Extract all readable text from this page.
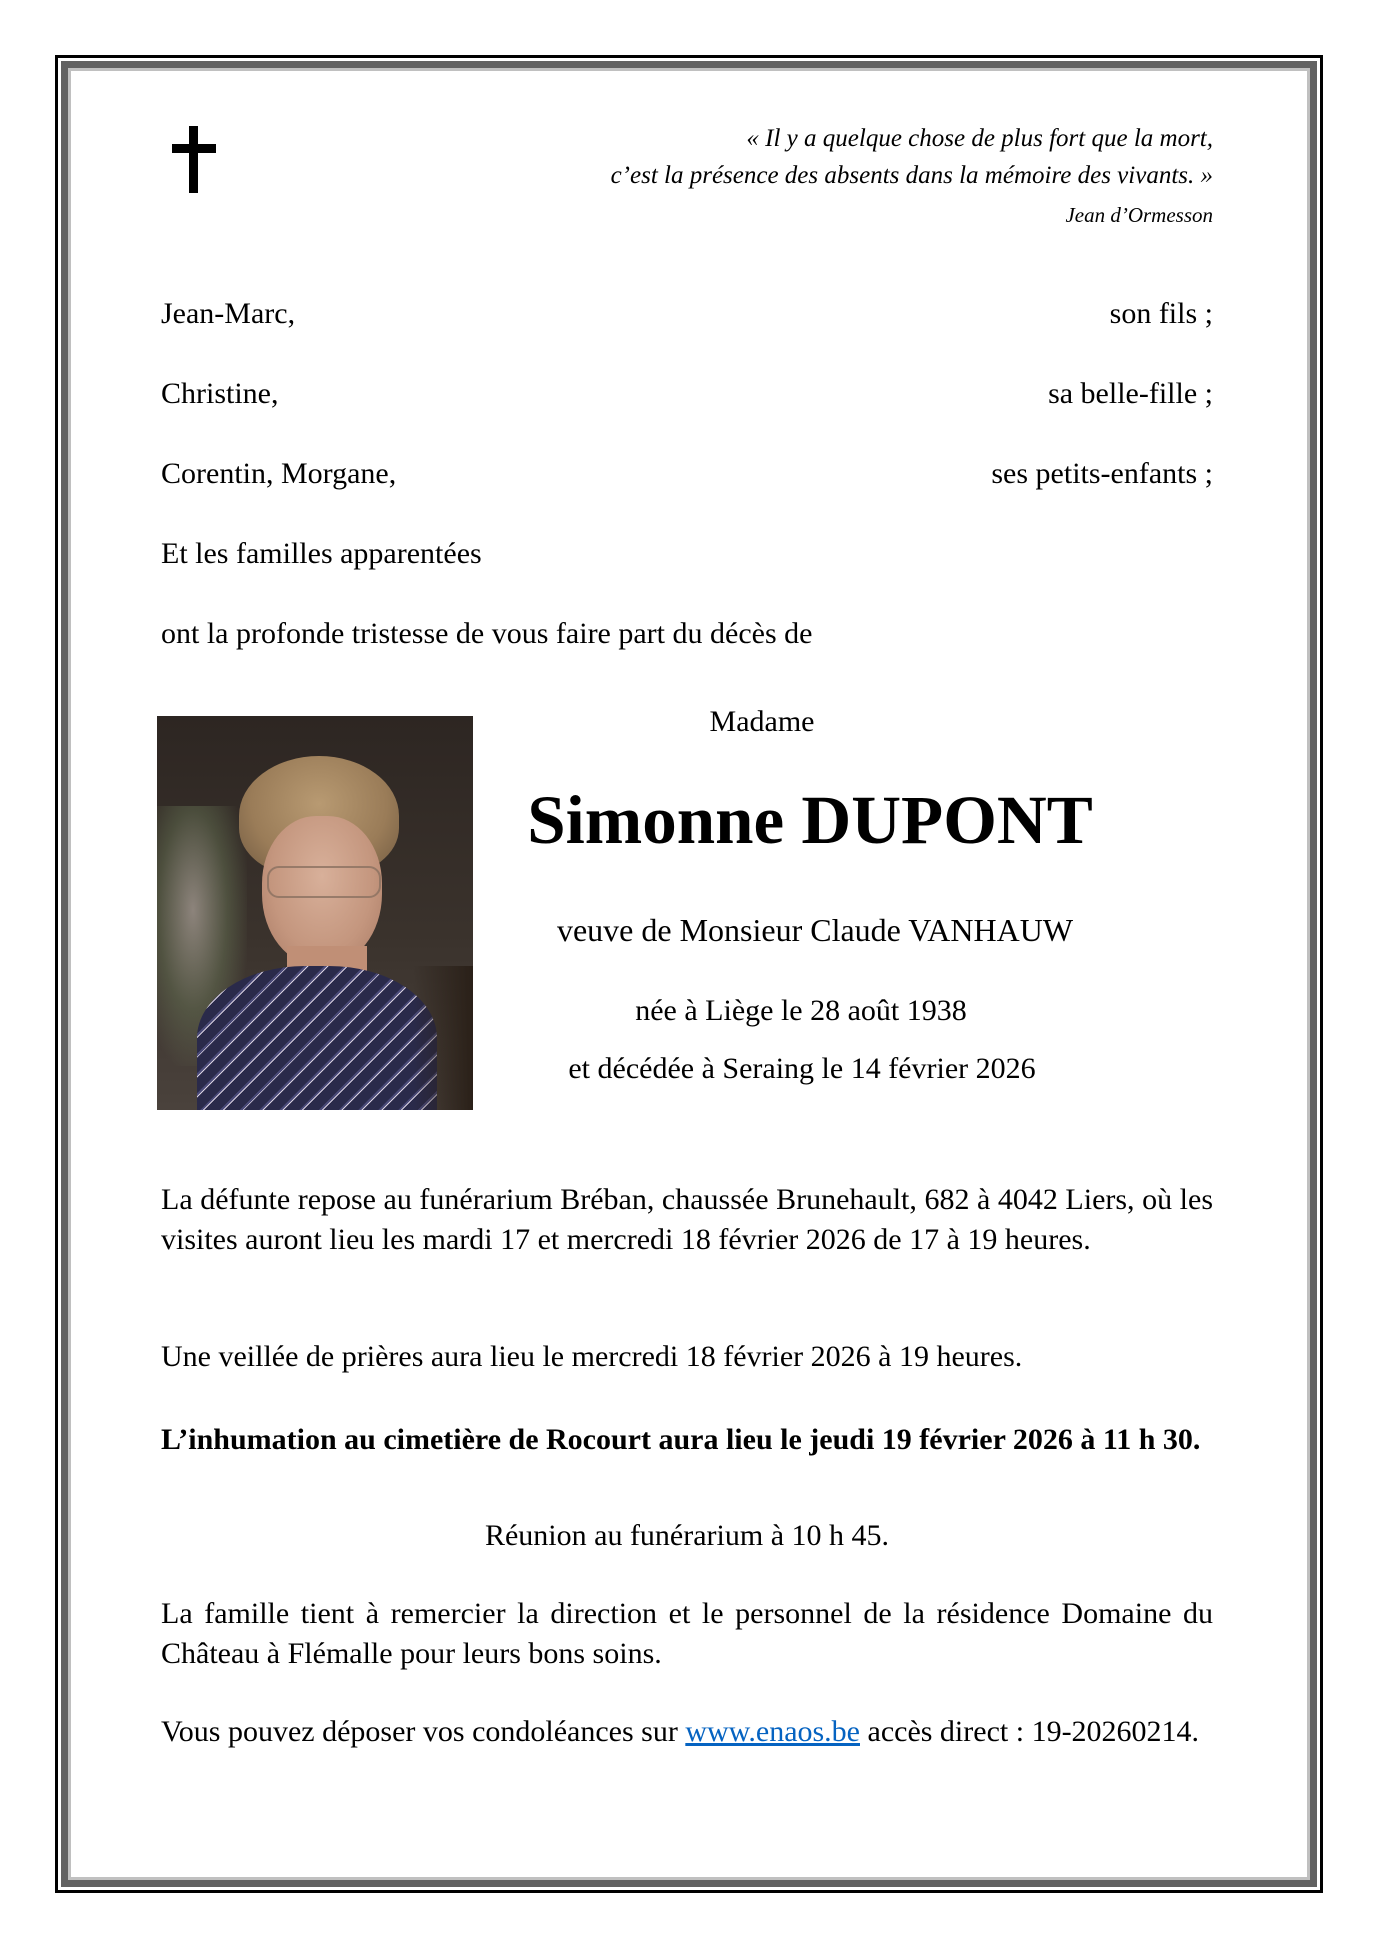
« Il y a quelque chose de plus fort que la mort,
c’est la présence des absents dans la mémoire des vivants. »
Jean d’Ormesson
Jean-Marc,	son fils ;
Christine,	sa belle-fille ;
Corentin, Morgane,	ses petits-enfants ;
Et les familles apparentées
ont la profonde tristesse de vous faire part du décès de
Madame
Simonne DUPONT
veuve de Monsieur Claude VANHAUW
née à Liège le 28 août 1938
et décédée à Seraing le 14 février 2026
La défunte repose au funérarium Bréban, chaussée Brunehault, 682 à 4042 Liers, où les visites auront lieu les mardi 17 et mercredi 18 février 2026 de 17 à 19 heures.
Une veillée de prières aura lieu le mercredi 18 février 2026 à 19 heures.
L’inhumation au cimetière de Rocourt aura lieu le jeudi 19 février 2026 à 11 h 30.
Réunion au funérarium à 10 h 45.
La famille tient à remercier la direction et le personnel de la résidence Domaine du Château à Flémalle pour leurs bons soins.
Vous pouvez déposer vos condoléances sur www.enaos.be accès direct : 19-20260214.
